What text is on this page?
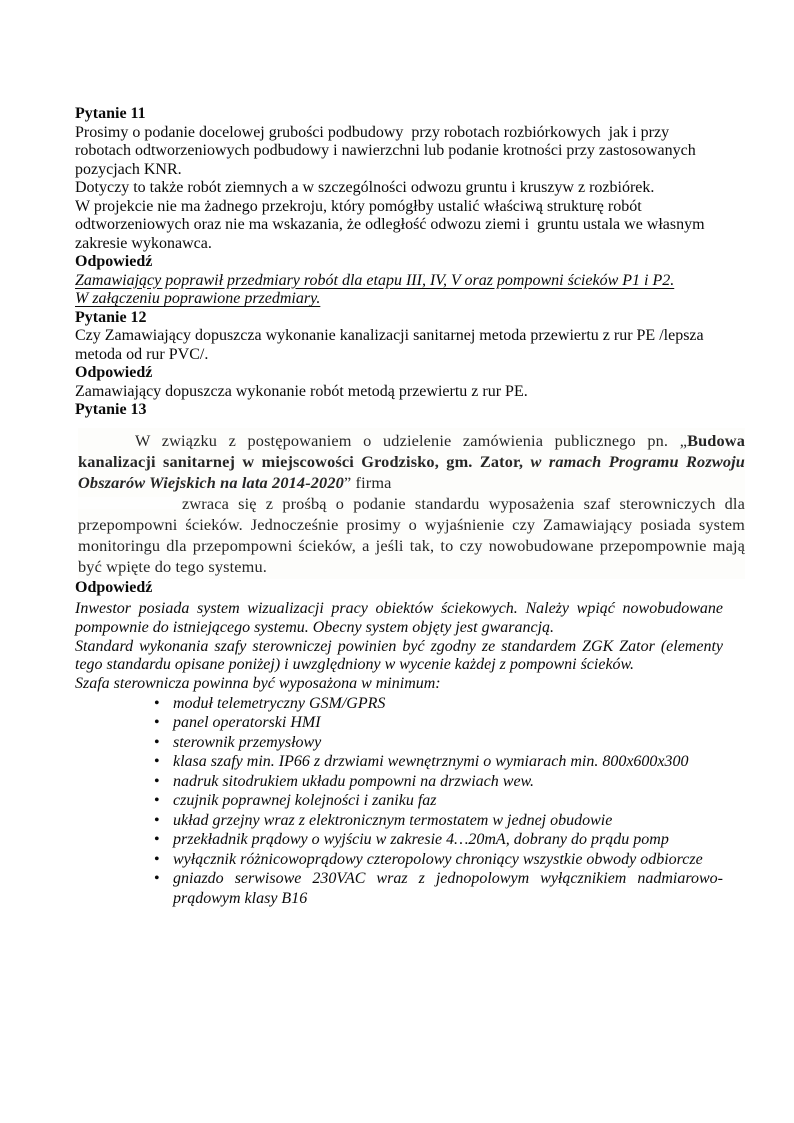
Pytanie 11

Prosimy o podanie docelowej grubości podbudowy  przy robotach rozbiórkowych  jak i przy robotach odtworzeniowych podbudowy i nawierzchni lub podanie krotności przy zastosowanych pozycjach KNR.

Dotyczy to także robót ziemnych a w szczególności odwozu gruntu i kruszyw z rozbiórek.

W projekcie nie ma żadnego przekroju, który pomógłby ustalić właściwą strukturę robót odtworzeniowych oraz nie ma wskazania, że odległość odwozu ziemi i  gruntu ustala we własnym zakresie wykonawca.

Odpowiedź

Zamawiający poprawił przedmiary robót dla etapu III, IV, V oraz pompowni ścieków P1 i P2.
W załączeniu poprawione przedmiary.

Pytanie 12

Czy Zamawiający dopuszcza wykonanie kanalizacji sanitarnej metoda przewiertu z rur PE /lepsza metoda od rur PVC/.

Odpowiedź

Zamawiający dopuszcza wykonanie robót metodą przewiertu z rur PE.

Pytanie 13

W związku z postępowaniem o udzielenie zamówienia publicznego pn. „Budowa kanalizacji sanitarnej w miejscowości Grodzisko, gm. Zator, w ramach Programu Rozwoju Obszarów Wiejskich na lata 2014-2020” firma

zwraca się z prośbą o podanie standardu wyposażenia szaf sterowniczych dla przepompowni ścieków. Jednocześnie prosimy o wyjaśnienie czy Zamawiający posiada system monitoringu dla przepompowni ścieków, a jeśli tak, to czy nowobudowane przepompownie mają być wpięte do tego systemu.

Odpowiedź

Inwestor posiada system wizualizacji pracy obiektów ściekowych. Należy wpiąć nowobudowane pompownie do istniejącego systemu. Obecny system objęty jest gwarancją.

Standard wykonania szafy sterowniczej powinien być zgodny ze standardem ZGK Zator (elementy tego standardu opisane poniżej) i uwzględniony w wycenie każdej z pompowni ścieków.

Szafa sterownicza powinna być wyposażona w minimum:

• moduł telemetryczny GSM/GPRS
• panel operatorski HMI
• sterownik przemysłowy
• klasa szafy min. IP66 z drzwiami wewnętrznymi o wymiarach min. 800x600x300
• nadruk sitodrukiem układu pompowni na drzwiach wew.
• czujnik poprawnej kolejności i zaniku faz
• układ grzejny wraz z elektronicznym termostatem w jednej obudowie
• przekładnik prądowy o wyjściu w zakresie 4…20mA, dobrany do prądu pomp
• wyłącznik różnicowoprądowy czteropolowy chroniący wszystkie obwody odbiorcze
• gniazdo serwisowe 230VAC wraz z jednopolowym wyłącznikiem nadmiarowo-prądowym klasy B16
